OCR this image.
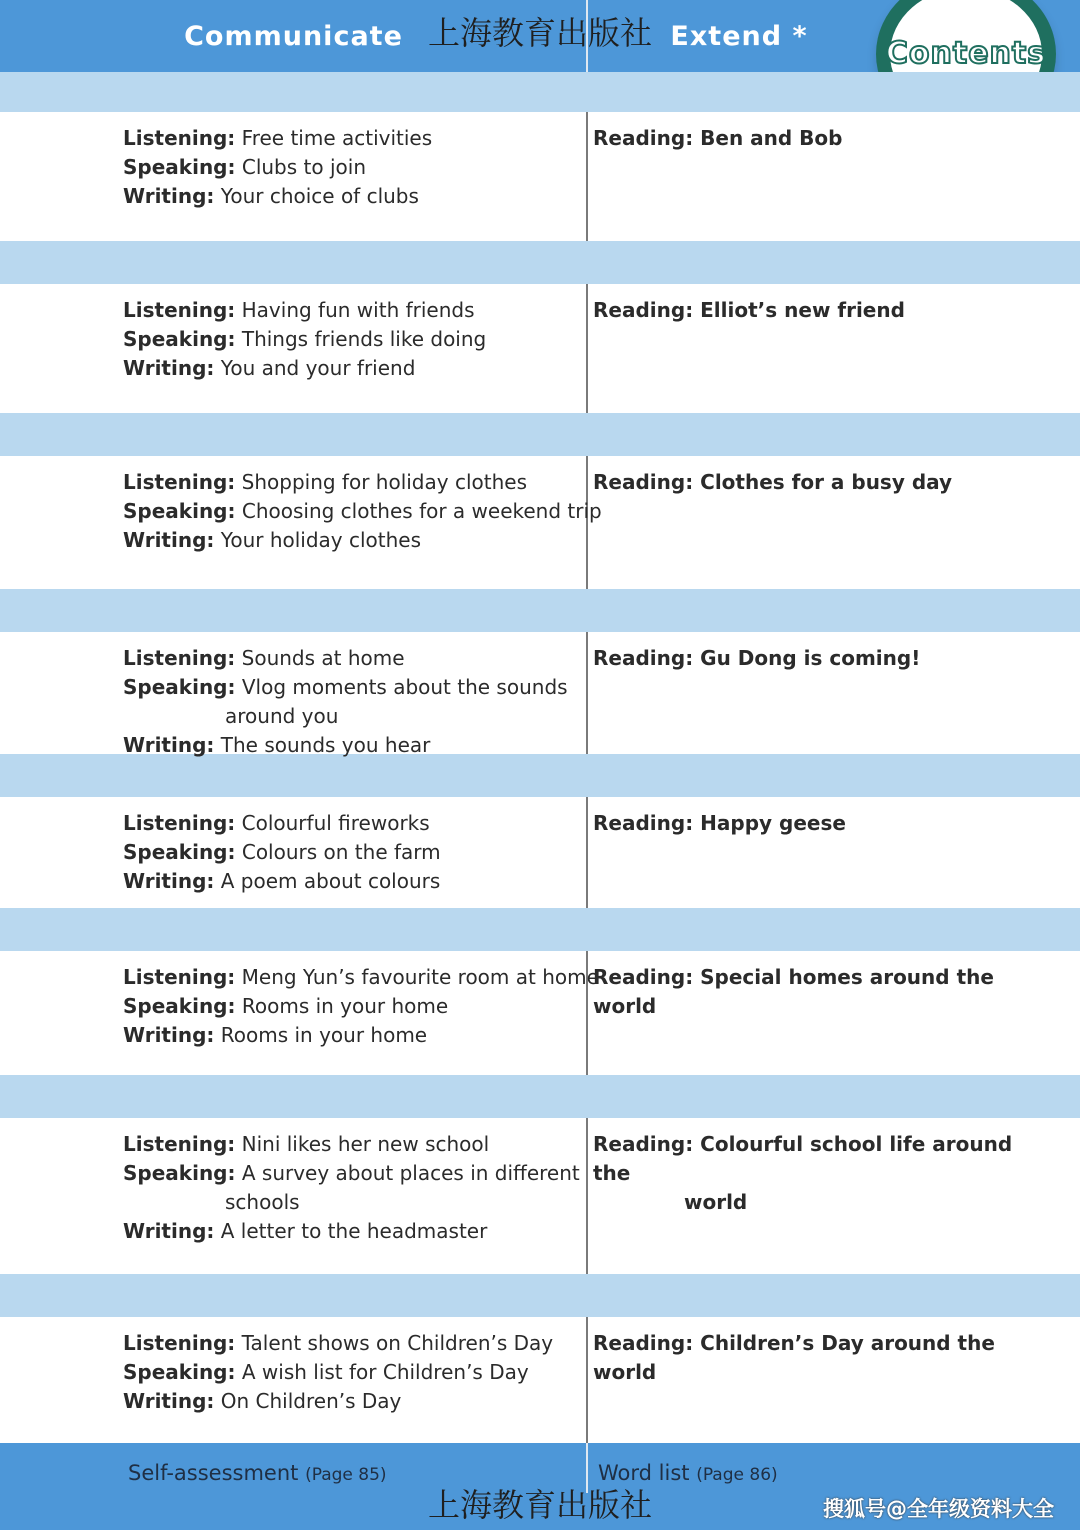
Communicate	Extend *
上海教育出版社
Contents
Listening: Free time activities
Speaking: Clubs to join
Writing: Your choice of clubs
Reading: Ben and Bob
Listening: Having fun with friends
Speaking: Things friends like doing
Writing: You and your friend
Reading: Elliot’s new friend
Listening: Shopping for holiday clothes
Speaking: Choosing clothes for a weekend trip
Writing: Your holiday clothes
Reading: Clothes for a busy day
Listening: Sounds at home
Speaking: Vlog moments about the sounds
around you
Writing: The sounds you hear
Reading: Gu Dong is coming!
Listening: Colourful fireworks
Speaking: Colours on the farm
Writing: A poem about colours
Reading: Happy geese
Listening: Meng Yun’s favourite room at home
Speaking: Rooms in your home
Writing: Rooms in your home
Reading: Special homes around the world
Listening: Nini likes her new school
Speaking: A survey about places in different
schools
Writing: A letter to the headmaster
Reading: Colourful school life around the
world
Listening: Talent shows on Children’s Day
Speaking: A wish list for Children’s Day
Writing: On Children’s Day
Reading: Children’s Day around the world
Self-assessment (Page 85)	Word list (Page 86)
上海教育出版社	搜狐号@全年级资料大全
